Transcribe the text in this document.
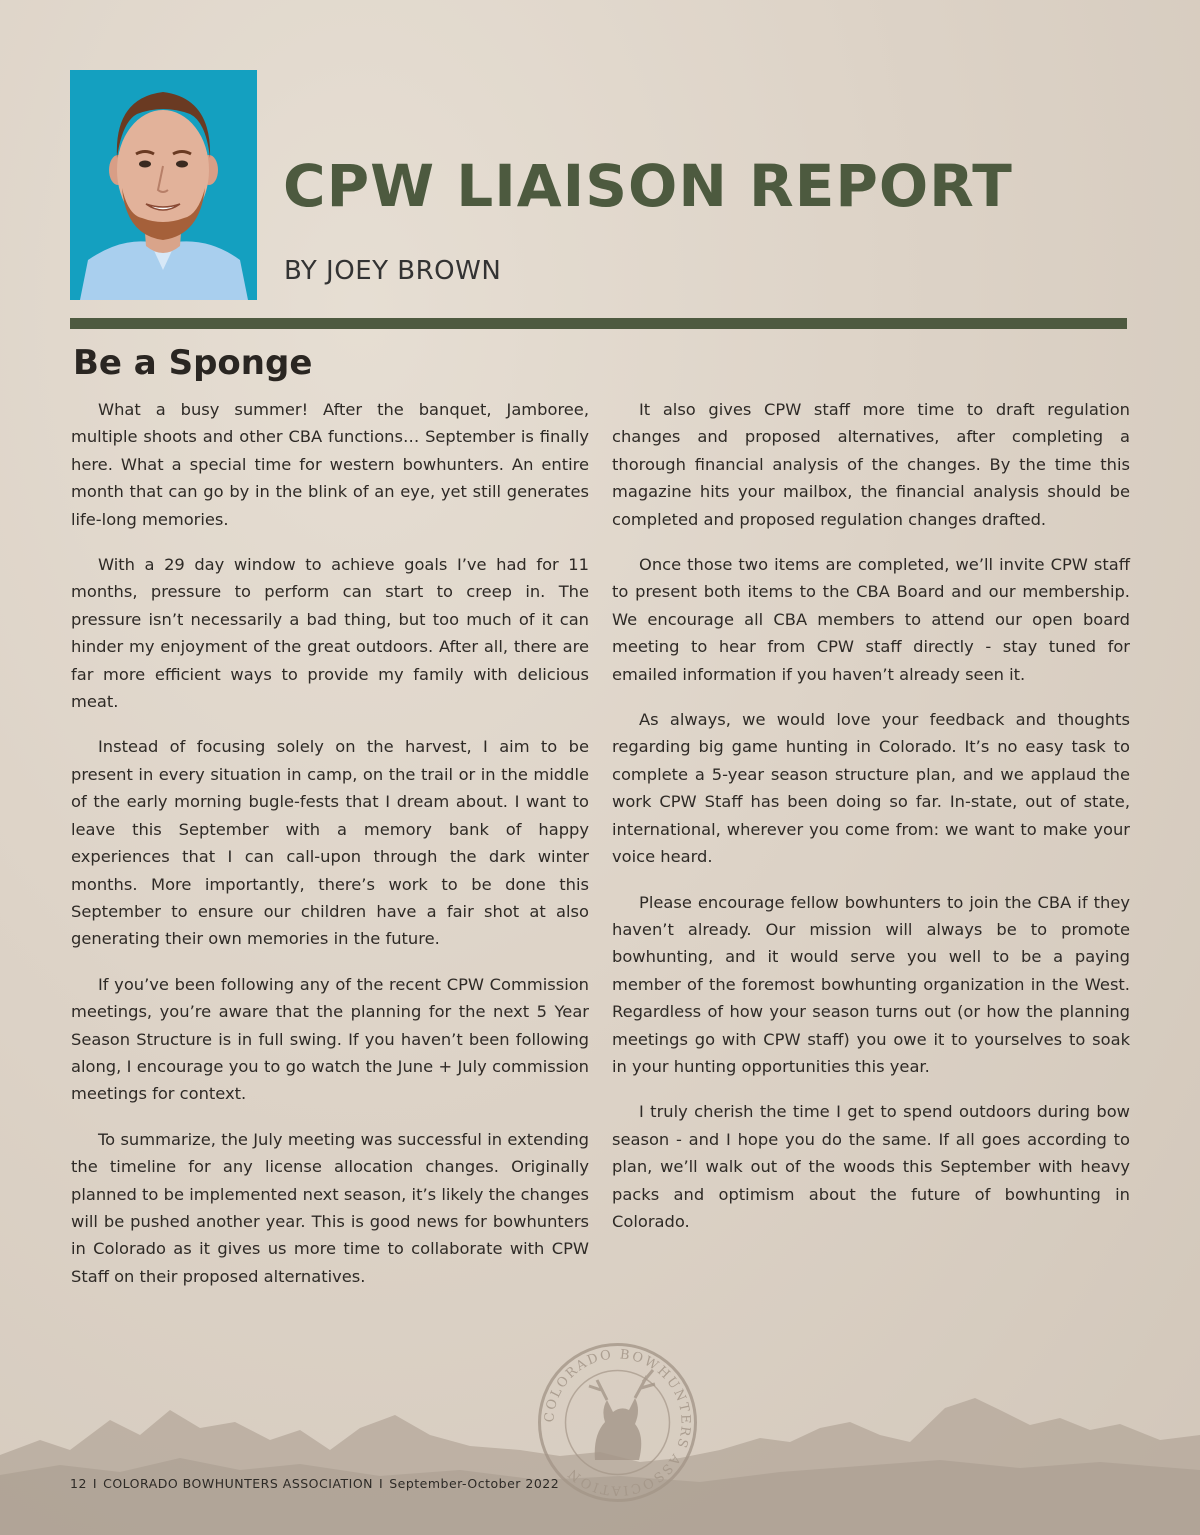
CPW LIAISON REPORT
BY JOEY BROWN
Be a Sponge

What a busy summer! After the banquet, Jamboree, multiple shoots and other CBA functions… September is finally here. What a special time for western bowhunters. An entire month that can go by in the blink of an eye, yet still generates life-long memories.

With a 29 day window to achieve goals I’ve had for 11 months, pressure to perform can start to creep in. The pressure isn’t necessarily a bad thing, but too much of it can hinder my enjoyment of the great outdoors. After all, there are far more efficient ways to provide my family with delicious meat.

Instead of focusing solely on the harvest, I aim to be present in every situation in camp, on the trail or in the middle of the early morning bugle-fests that I dream about. I want to leave this September with a memory bank of happy experiences that I can call-upon through the dark winter months. More importantly, there’s work to be done this September to ensure our children have a fair shot at also generating their own memories in the future.

If you’ve been following any of the recent CPW Commission meetings, you’re aware that the planning for the next 5 Year Season Structure is in full swing. If you haven’t been following along, I encourage you to go watch the June + July commission meetings for context.

To summarize, the July meeting was successful in extending the timeline for any license allocation changes. Originally planned to be implemented next season, it’s likely the changes will be pushed another year. This is good news for bowhunters in Colorado as it gives us more time to collaborate with CPW Staff on their proposed alternatives.

It also gives CPW staff more time to draft regulation changes and proposed alternatives, after completing a thorough financial analysis of the changes. By the time this magazine hits your mailbox, the financial analysis should be completed and proposed regulation changes drafted.

Once those two items are completed, we’ll invite CPW staff to present both items to the CBA Board and our membership. We encourage all CBA members to attend our open board meeting to hear from CPW staff directly - stay tuned for emailed information if you haven’t already seen it.

As always, we would love your feedback and thoughts regarding big game hunting in Colorado. It’s no easy task to complete a 5-year season structure plan, and we applaud the work CPW Staff has been doing so far. In-state, out of state, international, wherever you come from: we want to make your voice heard.

Please encourage fellow bowhunters to join the CBA if they haven’t already. Our mission will always be to promote bowhunting, and it would serve you well to be a paying member of the foremost bowhunting organization in the West. Regardless of how your season turns out (or how the planning meetings go with CPW staff) you owe it to yourselves to soak in your hunting opportunities this year.

I truly cherish the time I get to spend outdoors during bow season - and I hope you do the same. If all goes according to plan, we’ll walk out of the woods this September with heavy packs and optimism about the future of bowhunting in Colorado.

COLORADO BOWHUNTERS ASSOCIATION
12 I COLORADO BOWHUNTERS ASSOCIATION I September-October 2022
